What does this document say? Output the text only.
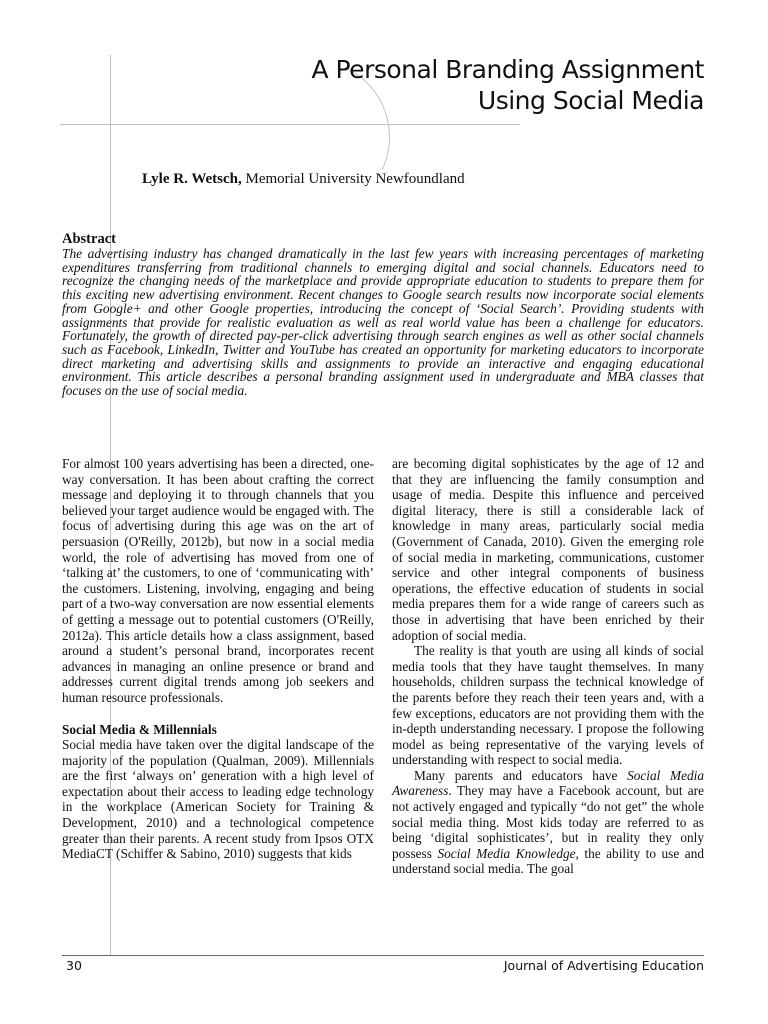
A Personal Branding Assignment
Using Social Media
Lyle R. Wetsch, Memorial University Newfoundland
Abstract

The advertising industry has changed dramatically in the last few years with increasing percentages of marketing expenditures transferring from traditional channels to emerging digital and social channels. Educators need to recognize the changing needs of the marketplace and provide appropriate education to students to prepare them for this exciting new advertising environment. Recent changes to Google search results now incorporate social elements from Google+ and other Google properties, introducing the concept of ‘Social Search’. Providing students with assignments that provide for realistic evaluation as well as real world value has been a challenge for educators. Fortunately, the growth of directed pay-per-click advertising through search engines as well as other social channels such as Facebook, LinkedIn, Twitter and YouTube has created an opportunity for marketing educators to incorporate direct marketing and advertising skills and assignments to provide an interactive and engaging educational environment. This article describes a personal branding assignment used in undergraduate and MBA classes that focuses on the use of social media.

For almost 100 years advertising has been a directed, one-way conversation. It has been about crafting the correct message and deploying it to through channels that you believed your target audience would be engaged with. The focus of advertising during this age was on the art of persuasion (O'Reilly, 2012b), but now in a social media world, the role of advertising has moved from one of ‘talking at’ the customers, to one of ‘communicating with’ the customers. Listening, involving, engaging and being part of a two-way conversation are now essential elements of getting a message out to potential customers (O'Reilly, 2012a). This article details how a class assignment, based around a student’s personal brand, incorporates recent advances in managing an online presence or brand and addresses current digital trends among job seekers and human resource professionals.

Social Media & Millennials

Social media have taken over the digital landscape of the majority of the population (Qualman, 2009). Millennials are the first ‘always on’ generation with a high level of expectation about their access to leading edge technology in the workplace (American Society for Training & Development, 2010) and a technological competence greater than their parents. A recent study from Ipsos OTX MediaCT (Schiffer & Sabino, 2010) suggests that kids

are becoming digital sophisticates by the age of 12 and that they are influencing the family consumption and usage of media. Despite this influence and perceived digital literacy, there is still a considerable lack of knowledge in many areas, particularly social media (Government of Canada, 2010). Given the emerging role of social media in marketing, communications, customer service and other integral components of business operations, the effective education of students in social media prepares them for a wide range of careers such as those in advertising that have been enriched by their adoption of social media.

The reality is that youth are using all kinds of social media tools that they have taught themselves. In many households, children surpass the technical knowledge of the parents before they reach their teen years and, with a few exceptions, educators are not providing them with the in-depth understanding necessary. I propose the following model as being representative of the varying levels of understanding with respect to social media.

Many parents and educators have Social Media Awareness. They may have a Facebook account, but are not actively engaged and typically “do not get” the whole social media thing. Most kids today are referred to as being ‘digital sophisticates’, but in reality they only possess Social Media Knowledge, the ability to use and understand social media. The goal

30	Journal of Advertising Education
